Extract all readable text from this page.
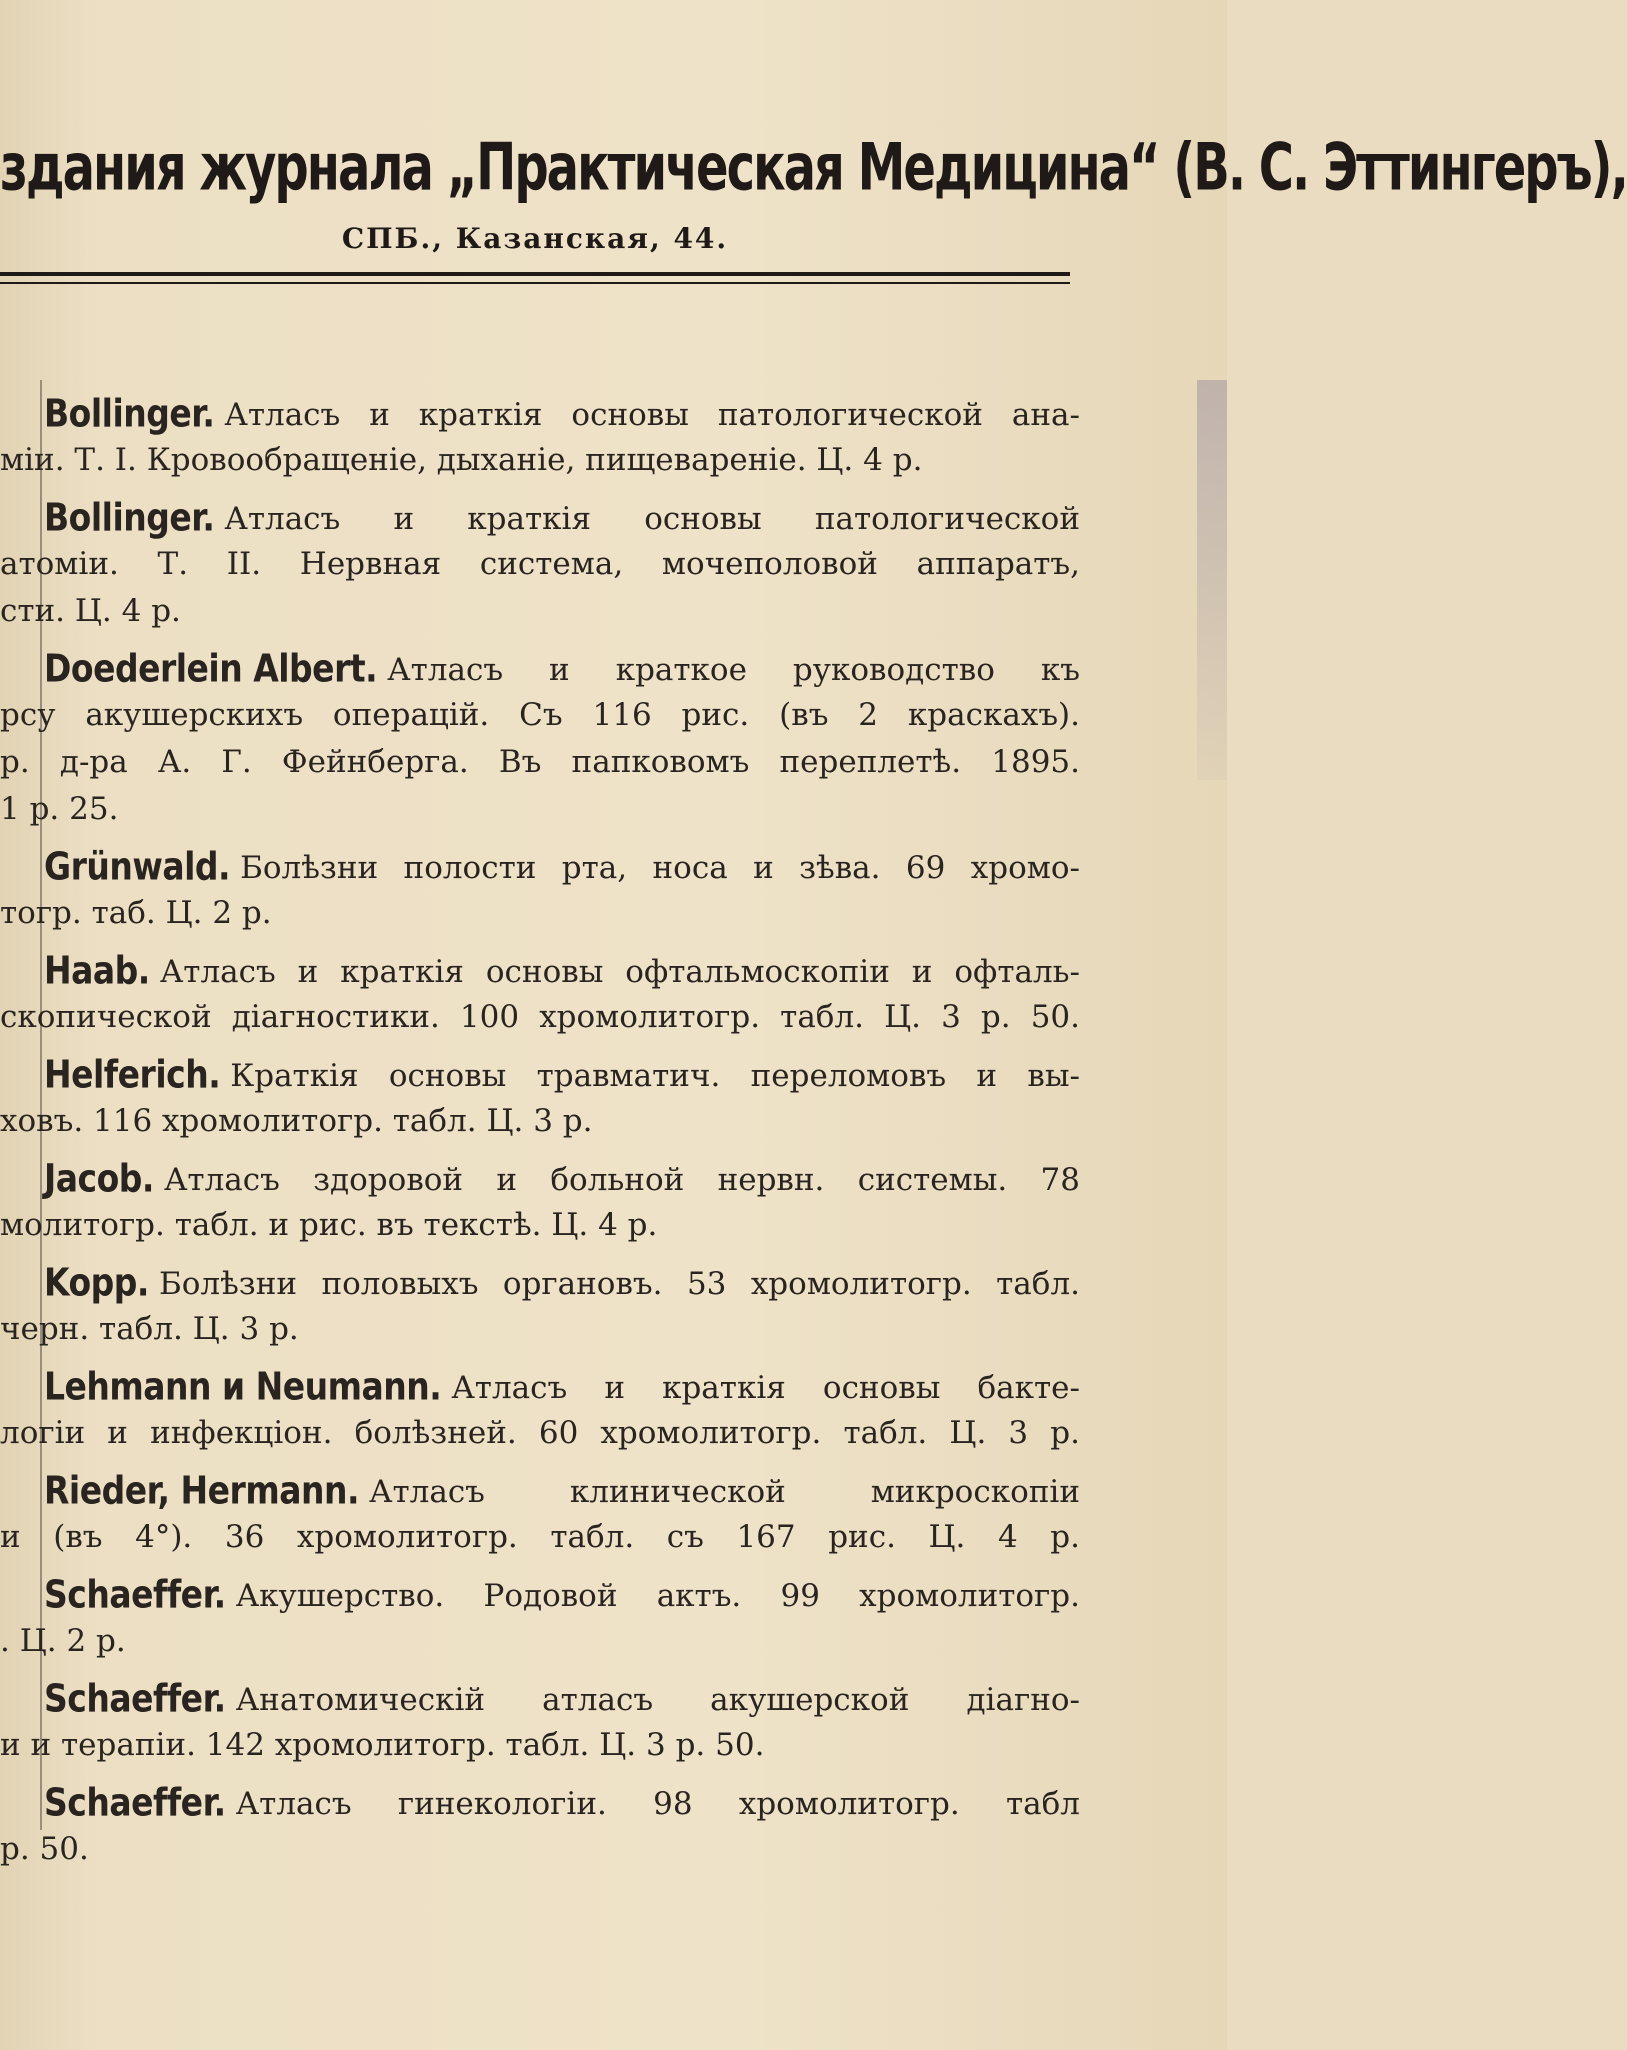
здания журнала „Практическая Медицина“ (В. С. Эттингеръ),
СПБ., Казанская, 44.
Bollinger. Атласъ и краткія основы патологической ана-
міи. Т. I. Кровообращеніе, дыханіе, пищевареніе. Ц. 4 р.
Bollinger. Атласъ и краткія основы патологической
атоміи. Т. II. Нервная система, мочеполовой аппаратъ,
сти. Ц. 4 р.
Doederlein Albert. Атласъ и краткое руководство къ
рсу акушерскихъ операцій. Съ 116 рис. (въ 2 краскахъ).
р. д-ра А. Г. Фейнберга. Въ папковомъ переплетѣ. 1895.
1 р. 25.
Grünwald. Болѣзни полости рта, носа и зѣва. 69 хромо-
тогр. таб. Ц. 2 р.
Haab. Атласъ и краткія основы офтальмоскопіи и офталь-
скопической діагностики. 100 хромолитогр. табл. Ц. 3 р. 50.
Helferich. Краткія основы травматич. переломовъ и вы-
ховъ. 116 хромолитогр. табл. Ц. 3 р.
Jacob. Атласъ здоровой и больной нервн. системы. 78
молитогр. табл. и рис. въ текстѣ. Ц. 4 р.
Kopp. Болѣзни половыхъ органовъ. 53 хромолитогр. табл.
черн. табл. Ц. 3 р.
Lehmann и Neumann. Атласъ и краткія основы бакте-
логіи и инфекціон. болѣзней. 60 хромолитогр. табл. Ц. 3 р.
Rieder, Hermann. Атласъ клинической микроскопіи
и (въ 4°). 36 хромолитогр. табл. съ 167 рис. Ц. 4 р.
Schaeffer. Акушерство. Родовой актъ. 99 хромолитогр.
. Ц. 2 р.
Schaeffer. Анатомическій атласъ акушерской діагно-
и и терапіи. 142 хромолитогр. табл. Ц. 3 р. 50.
Schaeffer. Атласъ гинекологіи. 98 хромолитогр. табл
р. 50.
